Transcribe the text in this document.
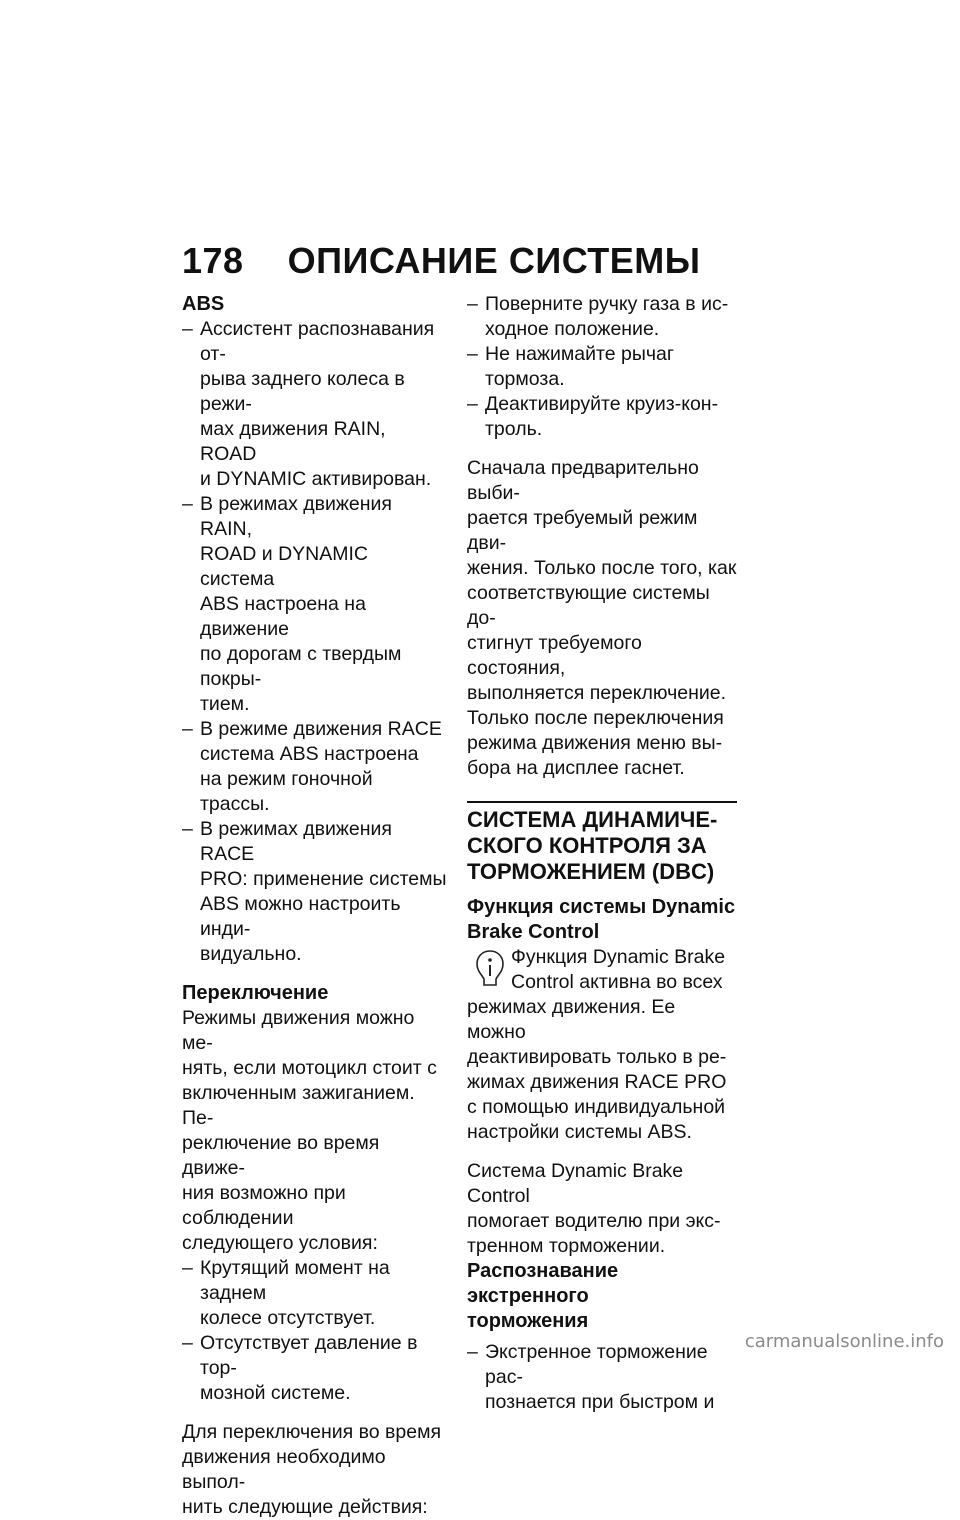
178 ОПИСАНИЕ СИСТЕМЫ

ABS

– Ассистент распознавания от-

рыва заднего колеса в режи-

мах движения RAIN, ROAD

и DYNAMIC активирован.

– В режимах движения RAIN,

ROAD и DYNAMIC система

ABS настроена на движение

по дорогам с твердым покры-

тием.

– В режиме движения RACE

система ABS настроена

на режим гоночной трассы.

– В режимах движения RACE

PRO: применение системы

ABS можно настроить инди-

видуально.

Переключение

Режимы движения можно ме-

нять, если мотоцикл стоит с

включенным зажиганием. Пе-

реключение во время движе-

ния возможно при соблюдении

следующего условия:

– Крутящий момент на заднем

колесе отсутствует.

– Отсутствует давление в тор-

мозной системе.

Для переключения во время

движения необходимо выпол-

нить следующие действия:

– Поверните ручку газа в ис-

ходное положение.

– Не нажимайте рычаг тормоза.

– Деактивируйте круиз-кон-

троль.

Сначала предварительно выби-

рается требуемый режим дви-

жения. Только после того, как

соответствующие системы до-

стигнут требуемого состояния,

выполняется переключение.

Только после переключения

режима движения меню вы-

бора на дисплее гаснет.

СИСТЕМА ДИНАМИЧЕ-

СКОГО КОНТРОЛЯ ЗА

ТОРМОЖЕНИЕМ (DBC)

Функция системы Dynamic

Brake Control

Функция Dynamic Brake

Control активна во всех

режимах движения. Ее можно

деактивировать только в ре-

жимах движения RACE PRO

с помощью индивидуальной

настройки системы ABS.

Система Dynamic Brake Control

помогает водителю при экс-

тренном торможении.

Распознавание экстренного

торможения

– Экстренное торможение рас-

познается при быстром и

carmanualsonline.info
